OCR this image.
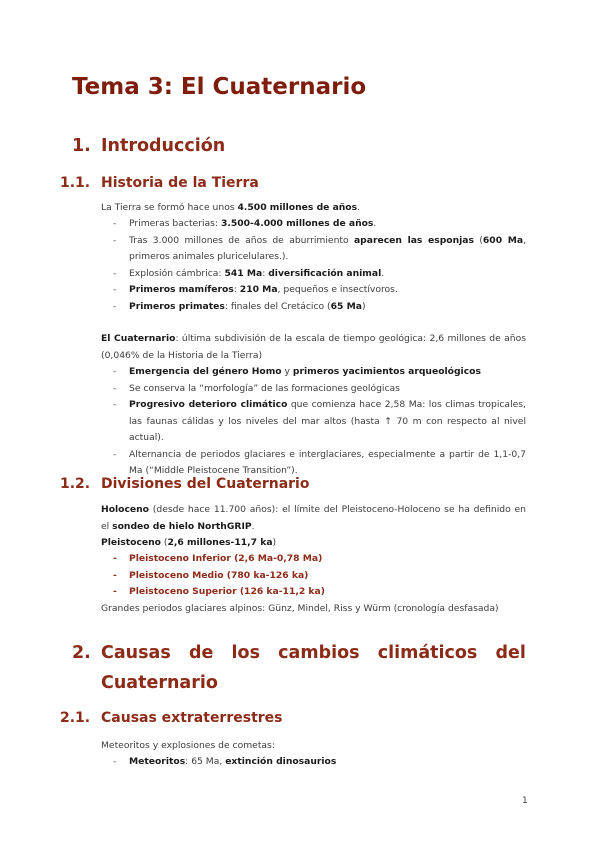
Tema 3: El Cuaternario
1. Introducción
1.1. Historia de la Tierra
La Tierra se formó hace unos 4.500 millones de años.
- Primeras bacterias: 3.500-4.000 millones de años.
- Tras 3.000 millones de años de aburrimiento aparecen las esponjas (600 Ma, primeros animales pluricelulares.).
- Explosión cámbrica: 541 Ma: diversificación animal.
- Primeros mamíferos: 210 Ma, pequeños e insectívoros.
- Primeros primates: finales del Cretácico (65 Ma)
El Cuaternario: última subdivisión de la escala de tiempo geológica: 2,6 millones de años (0,046% de la Historia de la Tierra)
- Emergencia del género Homo y primeros yacimientos arqueológicos
- Se conserva la “morfología” de las formaciones geológicas
- Progresivo deterioro climático que comienza hace 2,58 Ma: los climas tropicales, las faunas cálidas y los niveles del mar altos (hasta ↑ 70 m con respecto al nivel actual).
- Alternancia de periodos glaciares e interglaciares, especialmente a partir de 1,1-0,7 Ma (“Middle Pleistocene Transition”).
1.2. Divisiones del Cuaternario
Holoceno (desde hace 11.700 años): el límite del Pleistoceno-Holoceno se ha definido en el sondeo de hielo NorthGRIP.
Pleistoceno (2,6 millones-11,7 ka)
- Pleistoceno Inferior (2,6 Ma-0,78 Ma)
- Pleistoceno Medio (780 ka-126 ka)
- Pleistoceno Superior (126 ka-11,2 ka)
Grandes periodos glaciares alpinos: Günz, Mindel, Riss y Würm (cronología desfasada)
2. Causas de los cambios climáticos del
Cuaternario
2.1. Causas extraterrestres
Meteoritos y explosiones de cometas:
- Meteoritos: 65 Ma, extinción dinosaurios
1
